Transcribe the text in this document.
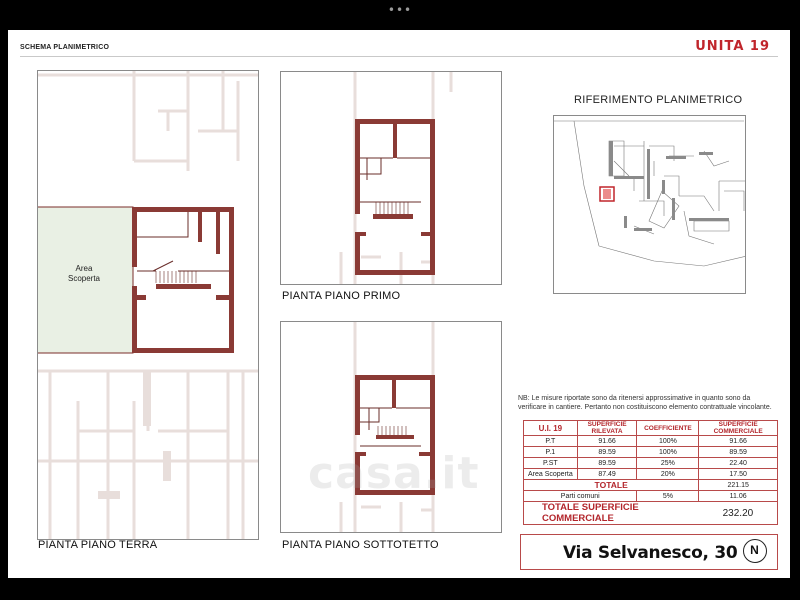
•••
SCHEMA PLANIMETRICO	UNITA 19
Area
Scoperta
PIANTA PIANO TERRA
PIANTA PIANO PRIMO
PIANTA PIANO SOTTOTETTO
RIFERIMENTO PLANIMETRICO
NB: Le misure riportate sono da ritenersi approssimative in quanto sono da verificare in cantiere. Pertanto non costituiscono elemento contrattuale vincolante.
U.I. 19	SUPERFICIE RILEVATA	COEFFICIENTE	SUPERFICIE COMMERCIALE
P.T	91.66	100%	91.66
P.1	89.59	100%	89.59
P.ST	89.59	25%	22.40
Area Scoperta	87.49	20%	17.50
TOTALE			221.15
Parti comuni		5%	11.06
TOTALE SUPERFICIE COMMERCIALE			232.20
Via Selvanesco, 30	N
casa.it
